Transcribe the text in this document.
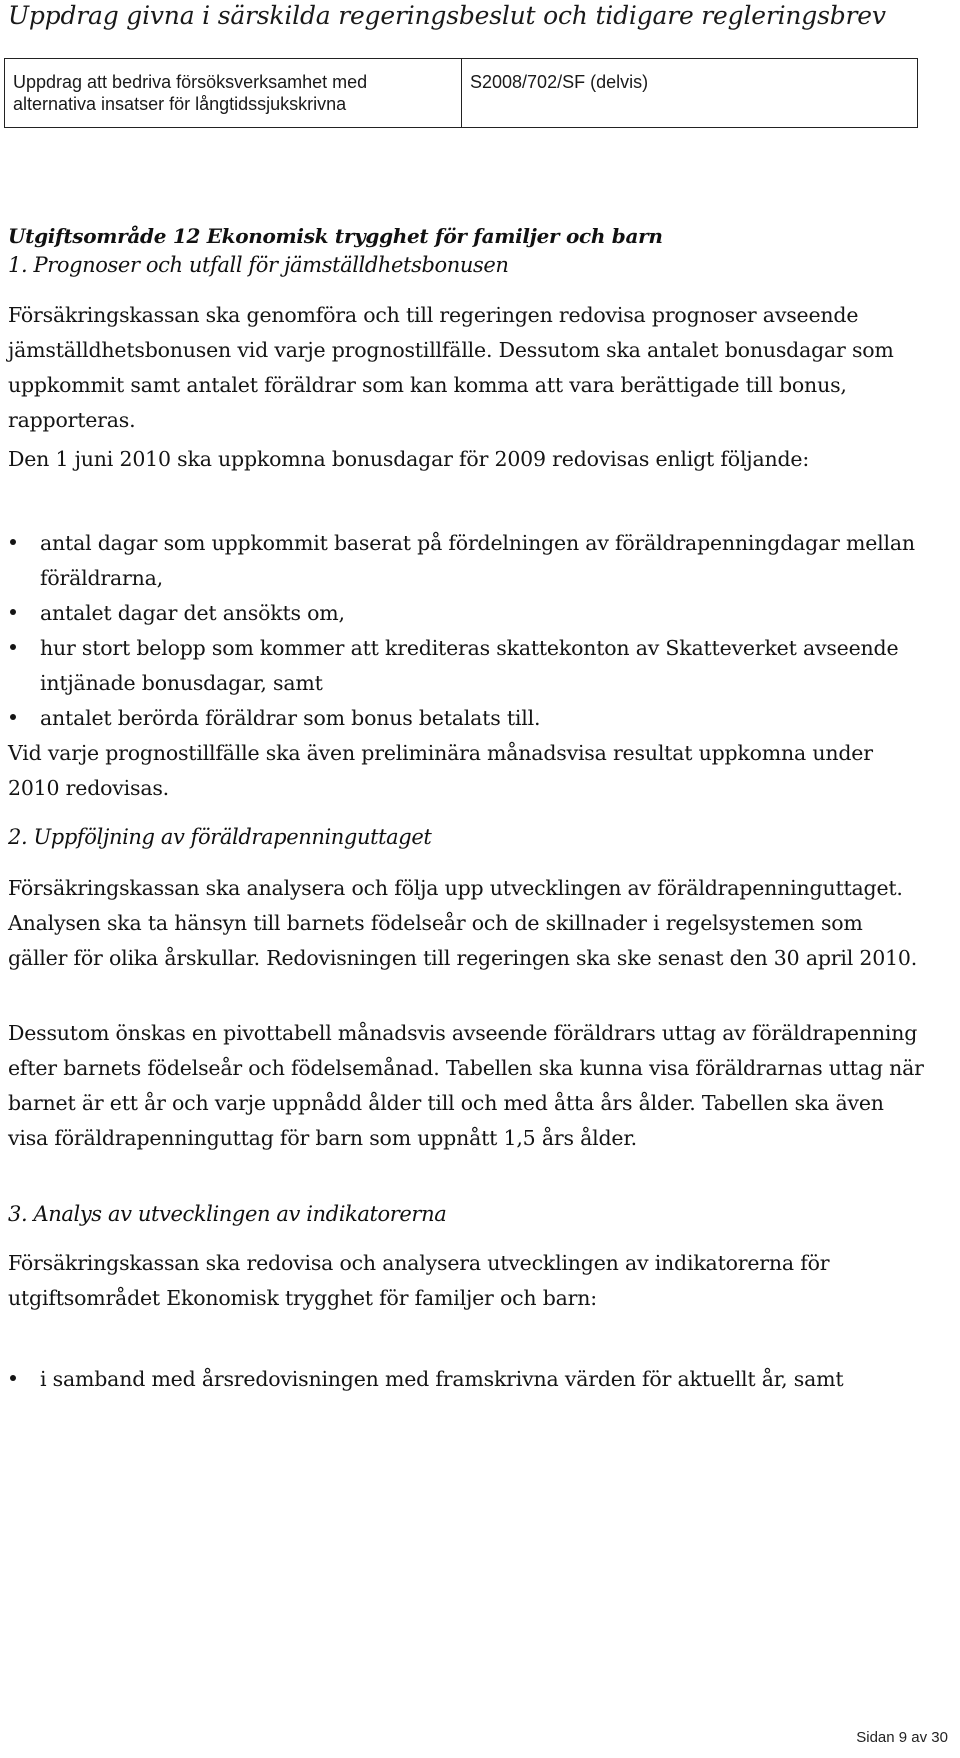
Uppdrag givna i särskilda regeringsbeslut och tidigare regleringsbrev
Uppdrag att bedriva försöksverksamhet med alternativa insatser för långtidssjukskrivna	S2008/702/SF (delvis)
Utgiftsområde 12 Ekonomisk trygghet för familjer och barn
1. Prognoser och utfall för jämställdhetsbonusen

Försäkringskassan ska genomföra och till regeringen redovisa prognoser avseende jämställdhetsbonusen vid varje prognostillfälle. Dessutom ska antalet bonusdagar som uppkommit samt antalet föräldrar som kan komma att vara berättigade till bonus, rapporteras.

Den 1 juni 2010 ska uppkomna bonusdagar för 2009 redovisas enligt följande:

antal dagar som uppkommit baserat på fördelningen av föräldrapenningdagar mellan föräldrarna,
antalet dagar det ansökts om,
hur stort belopp som kommer att krediteras skattekonton av Skatteverket avseende intjänade bonusdagar, samt
antalet berörda föräldrar som bonus betalats till.

Vid varje prognostillfälle ska även preliminära månadsvisa resultat uppkomna under 2010 redovisas.

2. Uppföljning av föräldrapenninguttaget

Försäkringskassan ska analysera och följa upp utvecklingen av föräldrapenninguttaget. Analysen ska ta hänsyn till barnets födelseår och de skillnader i regelsystemen som gäller för olika årskullar. Redovisningen till regeringen ska ske senast den 30 april 2010.

Dessutom önskas en pivottabell månadsvis avseende föräldrars uttag av föräldrapenning efter barnets födelseår och födelsemånad. Tabellen ska kunna visa föräldrarnas uttag när barnet är ett år och varje uppnådd ålder till och med åtta års ålder. Tabellen ska även visa föräldrapenninguttag för barn som uppnått 1,5 års ålder.

3. Analys av utvecklingen av indikatorerna

Försäkringskassan ska redovisa och analysera utvecklingen av indikatorerna för utgiftsområdet Ekonomisk trygghet för familjer och barn:

i samband med årsredovisningen med framskrivna värden för aktuellt år, samt
Sidan 9 av 30
